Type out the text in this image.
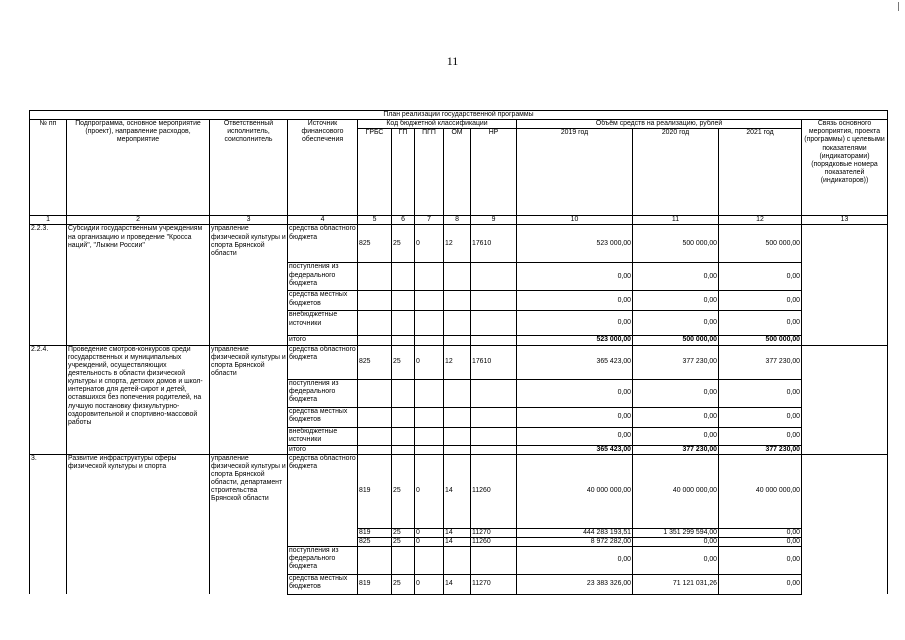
11
План реализации государственной программы												
№ пп	Подпрограмма, основное мероприятие (проект), направление расходов, мероприятие	Ответственный исполнитель, соисполнитель	Источник финансового обеспечения	Код бюджетной классификации					Объём средств на реализацию, рублей			Связь основного мероприятия, проекта (программы) с целевыми показателями (индикаторами) (порядковые номера показателей (индикаторов))
				ГРБС	ГП	ПГП	ОМ	НР	2019 год	2020 год	2021 год	
1	2	3	4	5	6	7	8	9	10	11	12	13
2.2.3.	Субсидии государственным учреждениям на организацию и проведение "Кросса наций", "Лыжни России"	управление физической культуры и спорта Брянской области	средства областного бюджета	825	25	0	12	17610	523 000,00	500 000,00	500 000,00	
			поступления из федерального бюджета						0,00	0,00	0,00	
			средства местных бюджетов						0,00	0,00	0,00	
			внебюджетные источники						0,00	0,00	0,00	
			итого						523 000,00	500 000,00	500 000,00	
2.2.4.	Проведение смотров-конкурсов среди государственных и муниципальных учреждений, осуществляющих деятельность в области физической культуры и спорта, детских домов и школ-интернатов для детей-сирот и детей, оставшихся без попечения родителей, на лучшую постановку физкультурно-оздоровительной и спортивно-массовой работы	управление физической культуры и спорта Брянской области	средства областного бюджета	825	25	0	12	17610	365 423,00	377 230,00	377 230,00	
			поступления из федерального бюджета						0,00	0,00	0,00	
			средства местных бюджетов						0,00	0,00	0,00	
			внебюджетные источники						0,00	0,00	0,00	
			итого						365 423,00	377 230,00	377 230,00	
3.	Развитие инфраструктуры сферы физической культуры и спорта	управление физической культуры и спорта Брянской области, департамент строительства Брянской области	средства областного бюджета	819	25	0	14	11260	40 000 000,00	40 000 000,00	40 000 000,00	
				819	25	0	14	11270	444 283 193,51	1 351 299 594,00	0,00	
				825	25	0	14	11260	8 972 282,00	0,00	0,00	
			поступления из федерального бюджета						0,00	0,00	0,00	
			средства местных бюджетов	819	25	0	14	11270	23 383 326,00	71 121 031,26	0,00	
